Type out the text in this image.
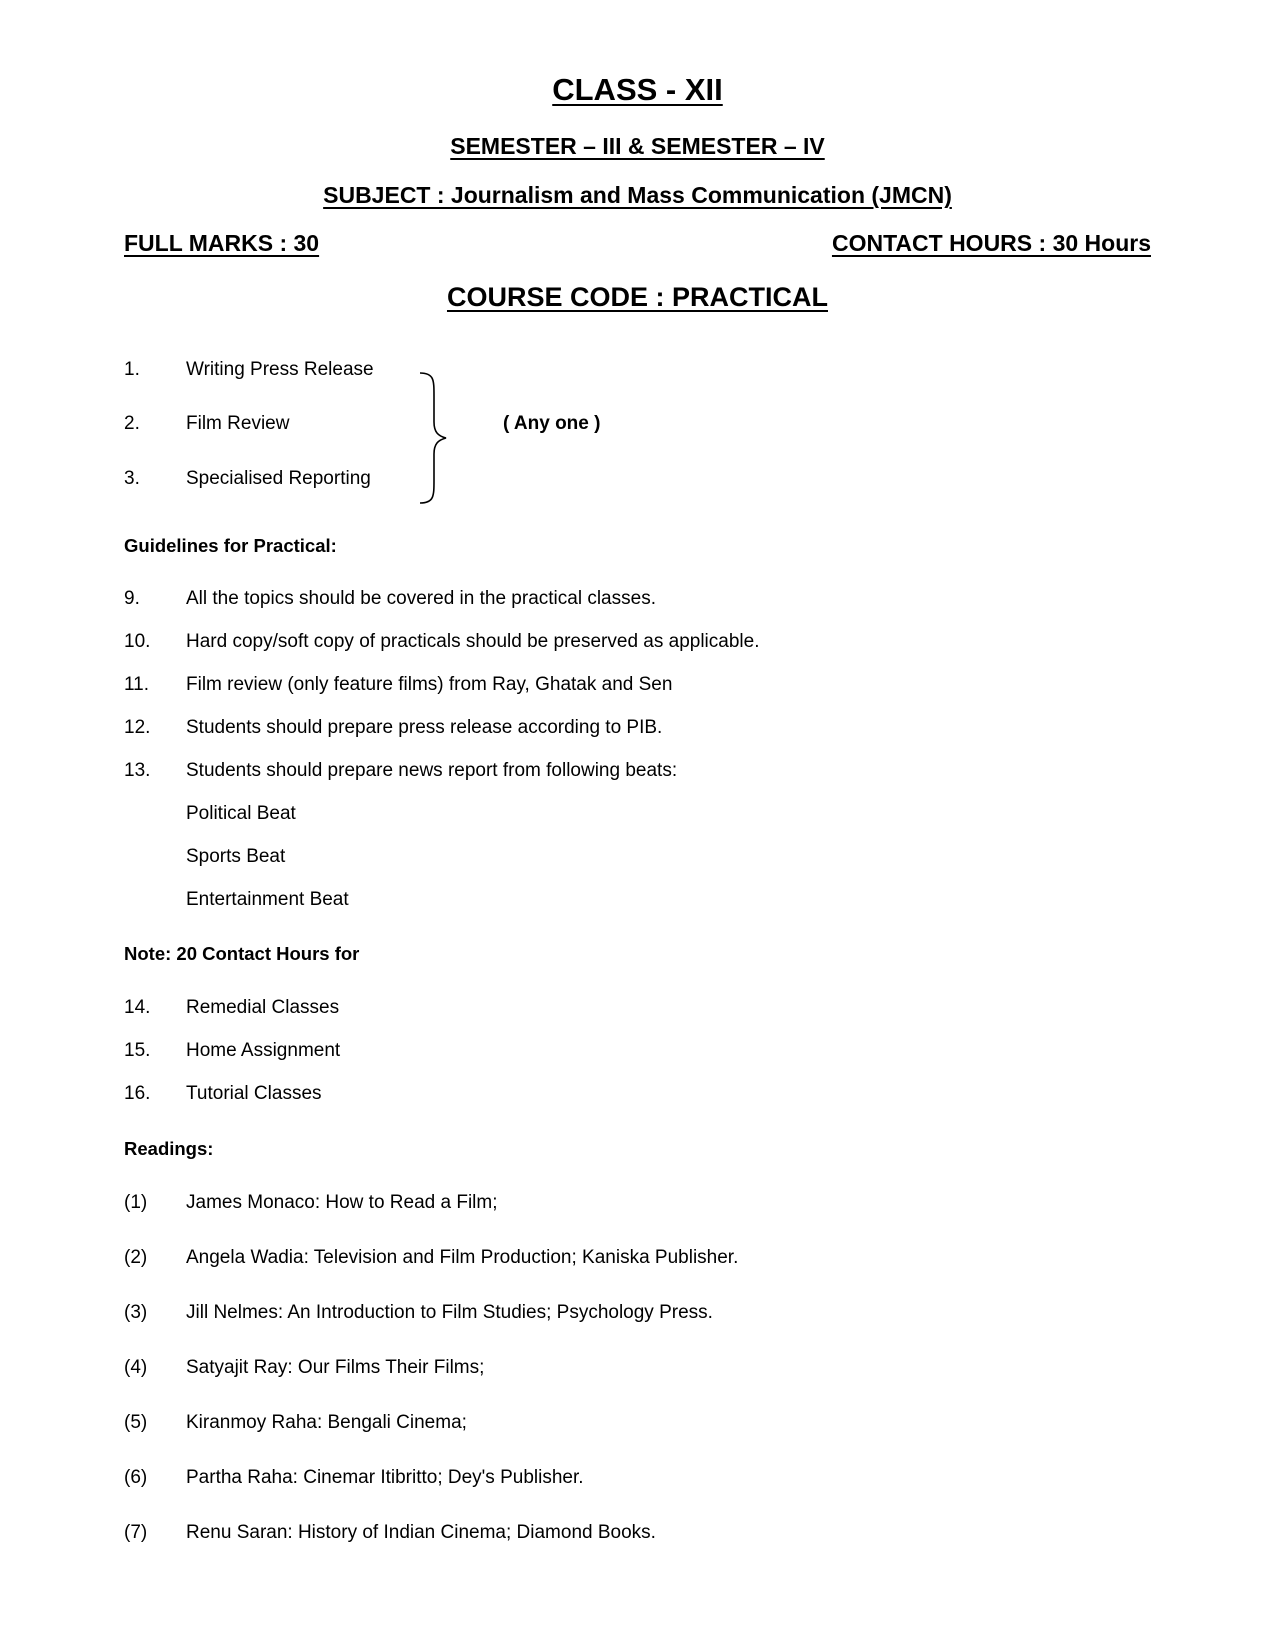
CLASS - XII
SEMESTER – III & SEMESTER – IV
SUBJECT : Journalism and Mass Communication (JMCN)
FULL MARKS : 30	CONTACT HOURS : 30 Hours
COURSE CODE : PRACTICAL
1. Writing Press Release
2. Film Review
3. Specialised Reporting
( Any one )
Guidelines for Practical:
9. All the topics should be covered in the practical classes.
10. Hard copy/soft copy of practicals should be preserved as applicable.
11. Film review (only feature films) from Ray, Ghatak and Sen
12. Students should prepare press release according to PIB.
13. Students should prepare news report from following beats:
Political Beat
Sports Beat
Entertainment Beat
Note: 20 Contact Hours for
14. Remedial Classes
15. Home Assignment
16. Tutorial Classes
Readings:
(1) James Monaco: How to Read a Film;
(2) Angela Wadia: Television and Film Production; Kaniska Publisher.
(3) Jill Nelmes: An Introduction to Film Studies; Psychology Press.
(4) Satyajit Ray: Our Films Their Films;
(5) Kiranmoy Raha: Bengali Cinema;
(6) Partha Raha: Cinemar Itibritto; Dey's Publisher.
(7) Renu Saran: History of Indian Cinema; Diamond Books.
